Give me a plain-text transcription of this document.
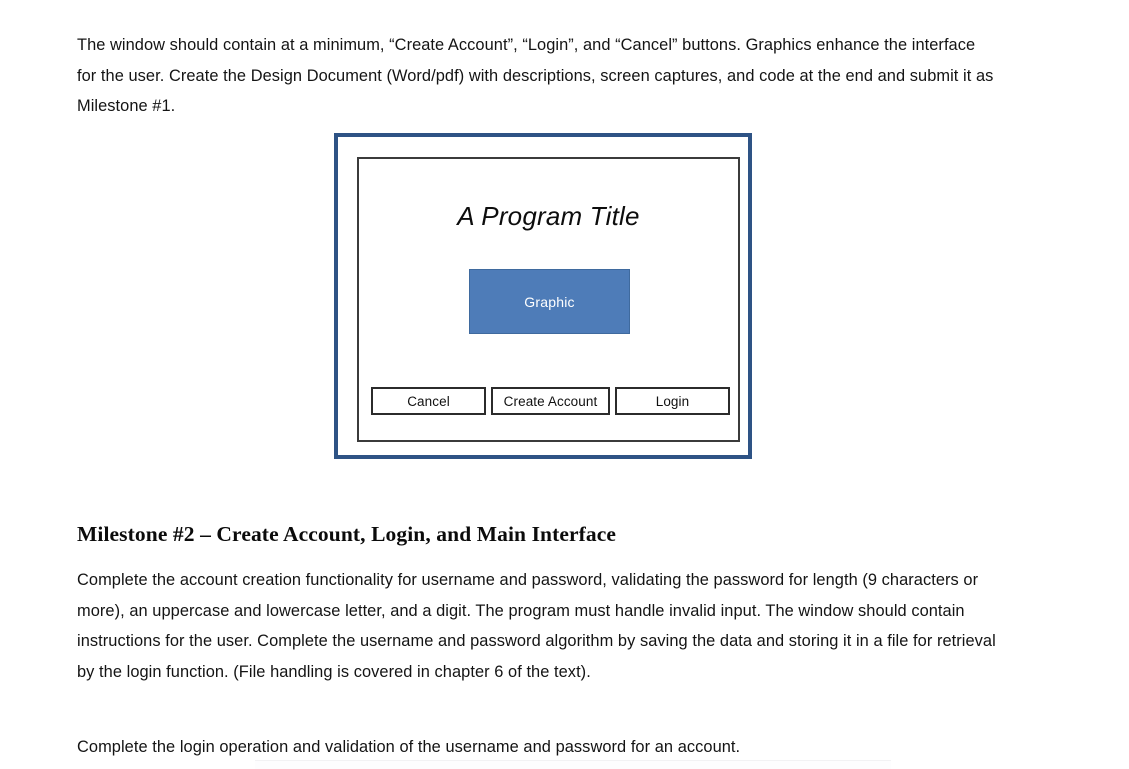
The window should contain at a minimum, “Create Account”, “Login”, and “Cancel” buttons. Graphics enhance the interface for the user. Create the Design Document (Word/pdf) with descriptions, screen captures, and code at the end and submit it as Milestone #1.

A Program Title
Graphic
Cancel	Create Account	Login
Milestone #2 – Create Account, Login, and Main Interface

Complete the account creation functionality for username and password, validating the password for length (9 characters or more), an uppercase and lowercase letter, and a digit. The program must handle invalid input. The window should contain instructions for the user. Complete the username and password algorithm by saving the data and storing it in a file for retrieval by the login function. (File handling is covered in chapter 6 of the text).

Complete the login operation and validation of the username and password for an account.
